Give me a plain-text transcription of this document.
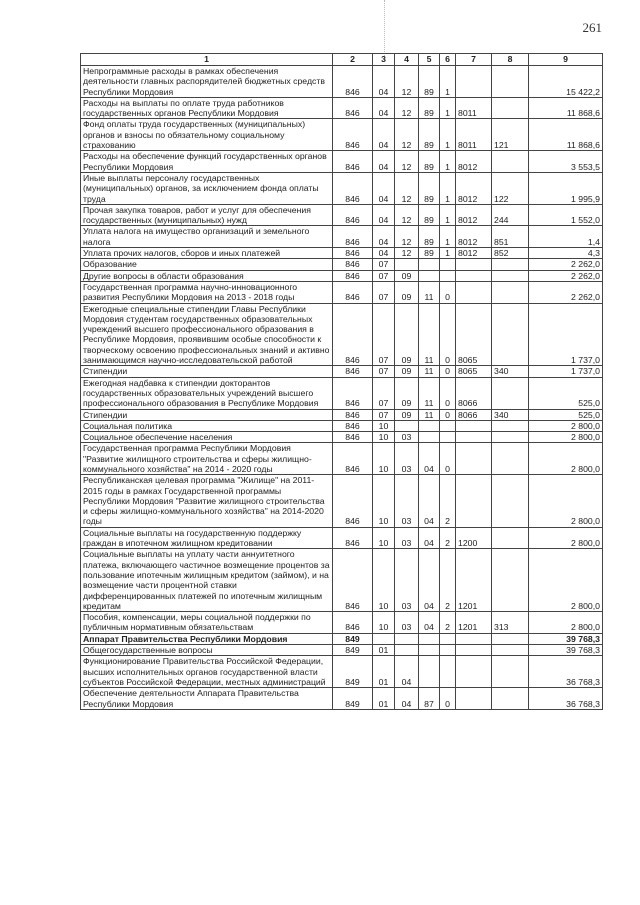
261
1	2	3	4	5	6	7	8	9
Непрограммные расходы в рамках обеспечения деятельности главных распорядителей бюджетных средств Республики Мордовия	846	04	12	89	1			15 422,2
Расходы на выплаты по оплате труда работников государственных органов Республики Мордовия	846	04	12	89	1	8011		11 868,6
Фонд оплаты труда государственных (муниципальных) органов и взносы по обязательному социальному страхованию	846	04	12	89	1	8011	121	11 868,6
Расходы на обеспечение функций государственных органов Республики Мордовия	846	04	12	89	1	8012		3 553,5
Иные выплаты персоналу государственных (муниципальных) органов, за исключением фонда оплаты труда	846	04	12	89	1	8012	122	1 995,9
Прочая закупка товаров, работ и услуг для обеспечения государственных (муниципальных) нужд	846	04	12	89	1	8012	244	1 552,0
Уплата налога на имущество организаций и земельного налога	846	04	12	89	1	8012	851	1,4
Уплата прочих налогов, сборов и иных платежей	846	04	12	89	1	8012	852	4,3
Образование	846	07						2 262,0
Другие вопросы в области образования	846	07	09					2 262,0
Государственная программа научно-инновационного развития Республики Мордовия на 2013 - 2018 годы	846	07	09	11	0			2 262,0
Ежегодные специальные стипендии Главы Республики Мордовия студентам государственных образовательных учреждений высшего профессионального образования в Республике Мордовия, проявившим особые способности к творческому освоению профессиональных знаний и активно занимающимся научно-исследовательской работой	846	07	09	11	0	8065		1 737,0
Стипендии	846	07	09	11	0	8065	340	1 737,0
Ежегодная надбавка к стипендии докторантов государственных образовательных учреждений высшего профессионального образования в Республике Мордовия	846	07	09	11	0	8066		525,0
Стипендии	846	07	09	11	0	8066	340	525,0
Социальная политика	846	10						2 800,0
Социальное обеспечение населения	846	10	03					2 800,0
Государственная программа Республики Мордовия "Развитие жилищного строительства и сферы жилищно-коммунального хозяйства" на 2014 - 2020 годы	846	10	03	04	0			2 800,0
Республиканская целевая программа "Жилище" на 2011-2015 годы в рамках Государственной программы Республики Мордовия "Развитие жилищного строительства и сферы жилищно-коммунального хозяйства" на 2014-2020 годы	846	10	03	04	2			2 800,0
Социальные выплаты на государственную поддержку граждан в ипотечном жилищном кредитовании	846	10	03	04	2	1200		2 800,0
Социальные выплаты на уплату части аннуитетного платежа, включающего частичное возмещение процентов за пользование ипотечным жилищным кредитом (займом), и на возмещение части процентной ставки дифференцированных платежей по ипотечным жилищным кредитам	846	10	03	04	2	1201		2 800,0
Пособия, компенсации, меры социальной поддержки по публичным нормативным обязательствам	846	10	03	04	2	1201	313	2 800,0
Аппарат Правительства Республики Мордовия	849							39 768,3
Общегосударственные вопросы	849	01						39 768,3
Функционирование Правительства Российской Федерации, высших исполнительных органов государственной власти субъектов Российской Федерации, местных администраций	849	01	04					36 768,3
Обеспечение деятельности Аппарата Правительства Республики Мордовия	849	01	04	87	0			36 768,3
